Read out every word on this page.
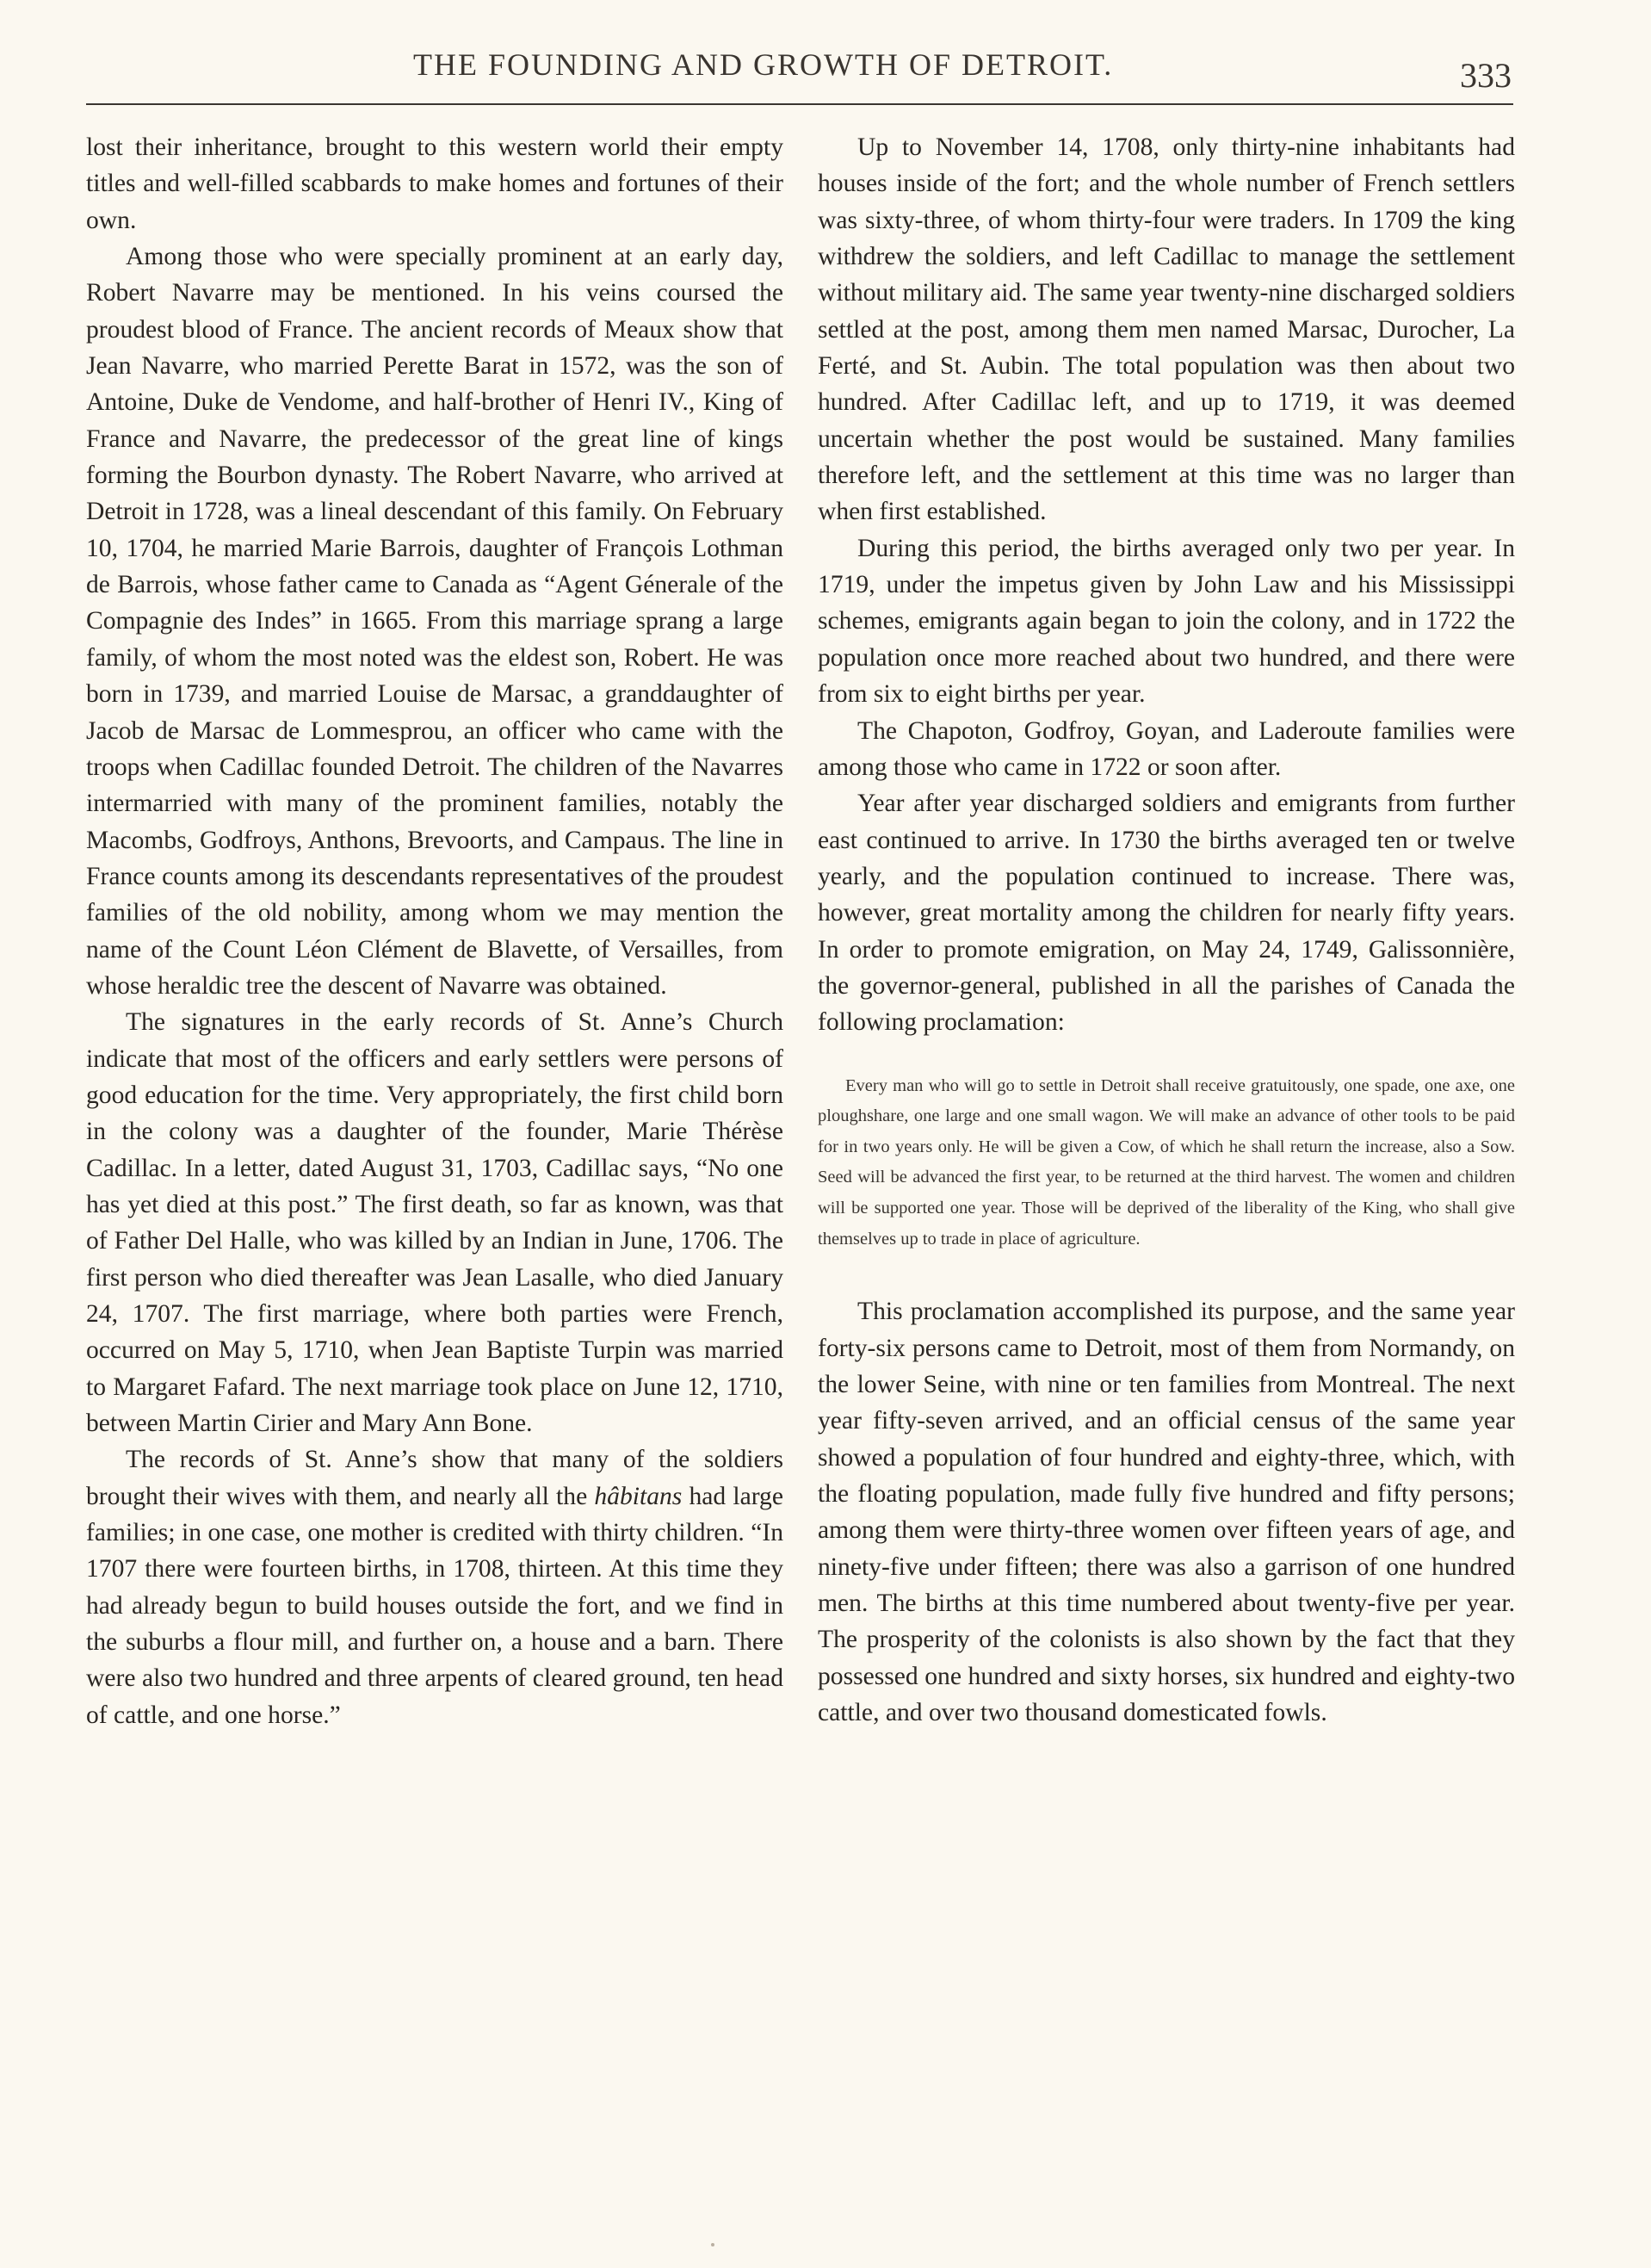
THE FOUNDING AND GROWTH OF DETROIT.	333

lost their inheritance, brought to this western world their empty titles and well-filled scabbards to make homes and fortunes of their own.

Among those who were specially prominent at an early day, Robert Navarre may be mentioned. In his veins coursed the proudest blood of France. The ancient records of Meaux show that Jean Navarre, who married Perette Barat in 1572, was the son of Antoine, Duke de Vendome, and half-brother of Henri IV., King of France and Navarre, the predecessor of the great line of kings forming the Bourbon dynasty. The Robert Navarre, who arrived at Detroit in 1728, was a lineal descendant of this family. On February 10, 1704, he married Marie Barrois, daughter of François Lothman de Barrois, whose father came to Canada as “Agent Génerale of the Compagnie des Indes” in 1665. From this marriage sprang a large family, of whom the most noted was the eldest son, Robert. He was born in 1739, and married Louise de Marsac, a granddaughter of Jacob de Marsac de Lommesprou, an officer who came with the troops when Cadillac founded Detroit. The children of the Navarres intermarried with many of the prominent families, notably the Macombs, Godfroys, Anthons, Brevoorts, and Campaus. The line in France counts among its descendants representatives of the proudest families of the old nobility, among whom we may mention the name of the Count Léon Clément de Blavette, of Versailles, from whose heraldic tree the descent of Navarre was obtained.

The signatures in the early records of St. Anne’s Church indicate that most of the officers and early settlers were persons of good education for the time. Very appropriately, the first child born in the colony was a daughter of the founder, Marie Thérèse Cadillac. In a letter, dated August 31, 1703, Cadillac says, “No one has yet died at this post.” The first death, so far as known, was that of Father Del Halle, who was killed by an Indian in June, 1706. The first person who died thereafter was Jean Lasalle, who died January 24, 1707. The first marriage, where both parties were French, occurred on May 5, 1710, when Jean Baptiste Turpin was married to Margaret Fafard. The next marriage took place on June 12, 1710, between Martin Cirier and Mary Ann Bone.

The records of St. Anne’s show that many of the soldiers brought their wives with them, and nearly all the hâbitans had large families; in one case, one mother is credited with thirty children. “In 1707 there were fourteen births, in 1708, thirteen. At this time they had already begun to build houses outside the fort, and we find in the suburbs a flour mill, and further on, a house and a barn. There were also two hundred and three arpents of cleared ground, ten head of cattle, and one horse.”

Up to November 14, 1708, only thirty-nine inhabitants had houses inside of the fort; and the whole number of French settlers was sixty-three, of whom thirty-four were traders. In 1709 the king withdrew the soldiers, and left Cadillac to manage the settlement without military aid. The same year twenty-nine discharged soldiers settled at the post, among them men named Marsac, Durocher, La Ferté, and St. Aubin. The total population was then about two hundred. After Cadillac left, and up to 1719, it was deemed uncertain whether the post would be sustained. Many families therefore left, and the settlement at this time was no larger than when first established.

During this period, the births averaged only two per year. In 1719, under the impetus given by John Law and his Mississippi schemes, emigrants again began to join the colony, and in 1722 the population once more reached about two hundred, and there were from six to eight births per year.

The Chapoton, Godfroy, Goyan, and Laderoute families were among those who came in 1722 or soon after.

Year after year discharged soldiers and emigrants from further east continued to arrive. In 1730 the births averaged ten or twelve yearly, and the population continued to increase. There was, however, great mortality among the children for nearly fifty years. In order to promote emigration, on May 24, 1749, Galissonnière, the governor-general, published in all the parishes of Canada the following proclamation:

Every man who will go to settle in Detroit shall receive gratuitously, one spade, one axe, one ploughshare, one large and one small wagon. We will make an advance of other tools to be paid for in two years only. He will be given a Cow, of which he shall return the increase, also a Sow. Seed will be advanced the first year, to be returned at the third harvest. The women and children will be supported one year. Those will be deprived of the liberality of the King, who shall give themselves up to trade in place of agriculture.

This proclamation accomplished its purpose, and the same year forty-six persons came to Detroit, most of them from Normandy, on the lower Seine, with nine or ten families from Montreal. The next year fifty-seven arrived, and an official census of the same year showed a population of four hundred and eighty-three, which, with the floating population, made fully five hundred and fifty persons; among them were thirty-three women over fifteen years of age, and ninety-five under fifteen; there was also a garrison of one hundred men. The births at this time numbered about twenty-five per year. The prosperity of the colonists is also shown by the fact that they possessed one hundred and sixty horses, six hundred and eighty-two cattle, and over two thousand domesticated fowls.
